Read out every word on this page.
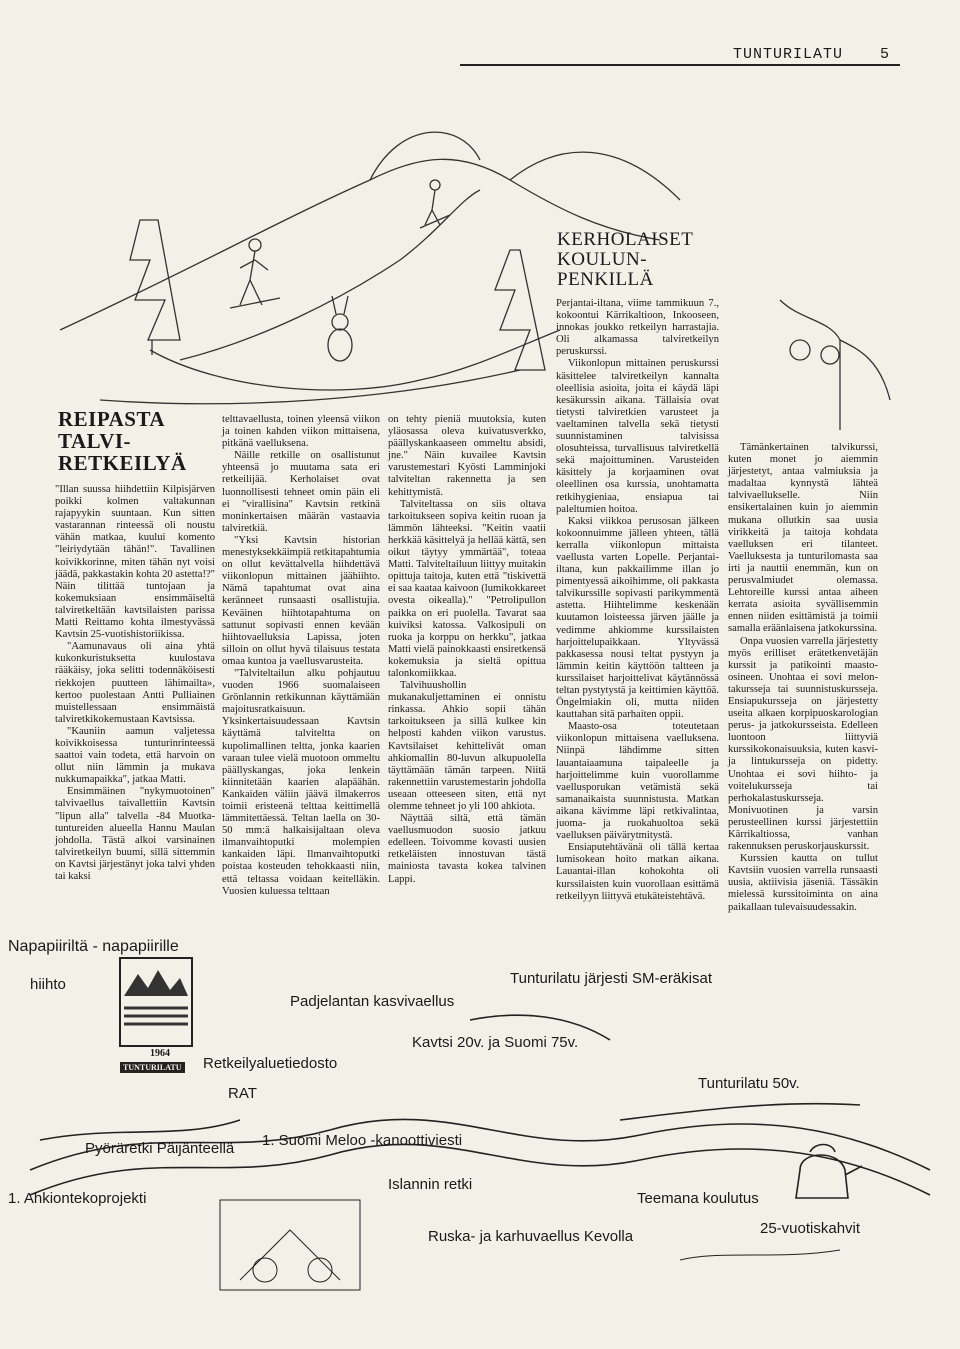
TUNTURILATU 5
REIPASTA
TALVI-
RETKEILYÄ

"Illan suussa hiihdettiin Kilpisjärven poikki kolmen valtakunnan rajapyykin suuntaan. Kun sitten vastarannan rinteessä oli noustu vähän matkaa, kuului komento "leiriydytään tähän!". Tavallinen koivikkorinne, miten tähän nyt voisi jäädä, pakkastakin kohta 20 astetta!?" Näin tilittää tuntojaan ja kokemuksiaan ensimmäiseltä talviretkeltään kavtsilaisten parissa Matti Reittamo kohta ilmestyvässä Kavtsin 25-vuotishistoriikissa.

"Aamunavaus oli aina yhtä kukonkuristuksetta kuulostava rääkäisy, joka selitti todennäköisesti riekkojen puutteen lähimailta», kertoo puolestaan Antti Pulliainen muistellessaan ensimmäistä talviretkikokemustaan Kavtsissa.

"Kauniin aamun valjetessa koivikkoisessa tunturinrinteessä saattoi vain todeta, että harvoin on ollut niin lämmin ja mukava nukkumapaikka", jatkaa Matti.

Ensimmäinen "nykymuotoinen" talvivaellus taivallettiin Kavtsin "lipun alla" talvella -84 Muotka-tuntureiden alueella Hannu Maulan johdolla. Tästä alkoi varsinainen talviretkeilyn buumi, sillä sittemmin on Kavtsi järjestänyt joka talvi yhden tai kaksi

telttavaellusta, toinen yleensä viikon ja toinen kahden viikon mittaisena, pitkänä vaelluksena.

Näille retkille on osallistunut yhteensä jo muutama sata eri retkeilijää. Kerholaiset ovat luonnollisesti tehneet omin päin eli ei "virallisina" Kavtsin retkinä moninkertaisen määrän vastaavia talviretkiä.

"Yksi Kavtsin historian menestyksekkäimpiä retkitapahtumia on ollut kevättalvella hiihdettävä viikonlopun mittainen jäähiihto. Nämä tapahtumat ovat aina keränneet runsaasti osallistujia. Keväinen hiihtotapahtuma on sattunut sopivasti ennen kevään hiihtovaelluksia Lapissa, joten silloin on ollut hyvä tilaisuus testata omaa kuntoa ja vaellusvarusteita.

"Talviteltailun alku pohjautuu vuoden 1966 suomalaiseen Grönlannin retkikunnan käyttämään majoitusratkaisuun. Yksinkertaisuudessaan Kavtsin käyttämä talviteltta on kupolimallinen teltta, jonka kaarien varaan tulee vielä muotoon ommeltu päällyskangas, joka lenkein kiinnitetään kaarien alapäähän. Kankaiden väliin jäävä ilmakerros toimii eristeenä telttaa keittimellä lämmitettäessä. Teltan laella on 30-50 mm:ä halkaisijaltaan oleva ilmanvaihtoputki molempien kankaiden läpi. Ilmanvaihtoputki poistaa kosteuden tehokkaasti niin, että teltassa voidaan keitelläkin. Vuosien kuluessa telttaan

on tehty pieniä muutoksia, kuten yläosassa oleva kuivatusverkko, päällyskankaaseen ommeltu absidi, jne." Näin kuvailee Kavtsin varustemestari Kyösti Lamminjoki talviteltan rakennetta ja sen kehittymistä.

Talviteltassa on siis oltava tarkoitukseen sopiva keitin ruoan ja lämmön lähteeksi. "Keitin vaatii herkkää käsittelyä ja hellää kättä, sen oikut täytyy ymmärtää", toteaa Matti. Talviteltailuun liittyy muitakin opittuja taitoja, kuten että "tiskivettä ei saa kaataa kaivoon (lumikokkareet ovesta oikealla)." "Petrolipullon paikka on eri puolella. Tavarat saa kuiviksi katossa. Valkosipuli on ruoka ja korppu on herkku", jatkaa Matti vielä painokkaasti ensiretkensä kokemuksia ja sieltä opittua talonkomiikkaa.

Talvihuushollin mukanakuljettaminen ei onnistu rinkassa. Ahkio sopii tähän tarkoitukseen ja sillä kulkee kin helposti kahden viikon varustus. Kavtsilaiset kehittelivät oman ahkiomallin 80-luvun alkupuolella täyttämään tämän tarpeen. Niitä rakennettiin varustemestarin johdolla useaan otteeseen siten, että nyt olemme tehneet jo yli 100 ahkiota.

Näyttää siltä, että tämän vaellusmuodon suosio jatkuu edelleen. Toivomme kovasti uusien retkeläisten innostuvan tästä mainiosta tavasta kokea talvinen Lappi.

KERHOLAISET
KOULUN-
PENKILLÄ

Perjantai-iltana, viime tammikuun 7., kokoontui Kärrikaltioon, Inkooseen, innokas joukko retkeilyn harrastajia. Oli alkamassa talviretkeilyn peruskurssi.

Viikonlopun mittainen peruskurssi käsittelee talviretkeilyn kannalta oleellisia asioita, joita ei käydä läpi kesäkurssin aikana. Tällaisia ovat tietysti talviretkien varusteet ja vaeltaminen talvella sekä tietysti suunnistaminen talvisissa olosuhteissa, turvallisuus talviretkellä sekä majoittuminen. Varusteiden käsittely ja korjaaminen ovat oleellinen osa kurssia, unohtamatta retkihygieniaa, ensiapua tai paleltumien hoitoa.

Kaksi viikkoa perusosan jälkeen kokoonnuimme jälleen yhteen, tällä kerralla viikonlopun mittaista vaellusta varten Lopelle. Perjantai-iltana, kun pakkailimme illan jo pimentyessä aikoihimme, oli pakkasta talvikurssille sopivasti parikymmentä astetta. Hiihtelimme keskenään kuutamon loisteessa järven jäälle ja vedimme ahkiomme kurssilaisten harjoittelupaikkaan. Yltyvässä pakkasessa nousi teltat pystyyn ja lämmin keitin käyttöön taltteen ja kurssilaiset harjoittelivat käytännössä teltan pystytystä ja keittimien käyttöä. Öngelmiakin oli, mutta niiden kauttahan sitä parhaiten oppii.

Maasto-osa toteutetaan viikonlopun mittaisena vaelluksena. Niinpä lähdimme sitten lauantaiaamuna taipaleelle ja harjoittelimme kuin vuorollamme vaellusporukan vetämistä sekä samanaikaista suunnistusta. Matkan aikana kävimme läpi retkivalintaa, juoma- ja ruokahuoltoa sekä vaelluksen päivärytmitystä.

Ensiaputehtävänä oli tällä kertaa lumisokean hoito matkan aikana. Lauantai-illan kohokohta oli kurssilaisten kuin vuorollaan esittämä retkeilyyn liittyvä etukäteistehtävä.

Tämänkertainen talvikurssi, kuten monet jo aiemmin järjestetyt, antaa valmiuksia ja madaltaa kynnystä lähteä talvivaellukselle. Niin ensikertalainen kuin jo aiemmin mukana ollutkin saa uusia virikkeitä ja taitoja kohdata vaelluksen eri tilanteet. Vaelluksesta ja tunturilomasta saa irti ja nauttii enemmän, kun on perusvalmiudet olemassa. Lehtoreille kurssi antaa aiheen kerrata asioita syvällisemmin ennen niiden esittämistä ja toimii samalla eräänlaisena jatkokurssina.

Onpa vuosien varrella järjestetty myös erilliset erätetkenvetäjän kurssit ja patikointi maasto-osineen. Unohtaa ei sovi melon-takursseja tai suunnistuskursseja. Ensiapukursseja on järjestetty useita alkaen korpipuoskarologian perus- ja jatkokursseista. Edelleen luontoon liittyviä kurssikokonaisuuksia, kuten kasvi- ja lintukursseja on pidetty. Unohtaa ei sovi hiihto- ja voitelukursseja tai perhokalastuskursseja. Monivuotinen ja varsin perusteellinen kurssi järjestettiin Kärrikaltiossa, vanhan rakennuksen peruskorjauskurssit.

Kurssien kautta on tullut Kavtsiin vuosien varrella runsaasti uusia, aktiivisia jäseniä. Tässäkin mielessä kurssitoiminta on aina paikallaan tulevaisuudessakin.

Napapiiriltä - napapiirille
1964
TUNTURILATU
hiihto
Padjelantan kasvivaellus
Tunturilatu järjesti SM-eräkisat
Kavtsi 20v. ja Suomi 75v.
Retkeilyaluetiedosto
RAT
Tunturilatu 50v.
Pyöräretki Päijänteellä 1. Suomi Meloo -kanoottiviesti
1. Ahkiontekoprojekti
Islannin retki
Teemana koulutus
Ruska- ja karhuvaellus Kevolla	25-vuotiskahvit
